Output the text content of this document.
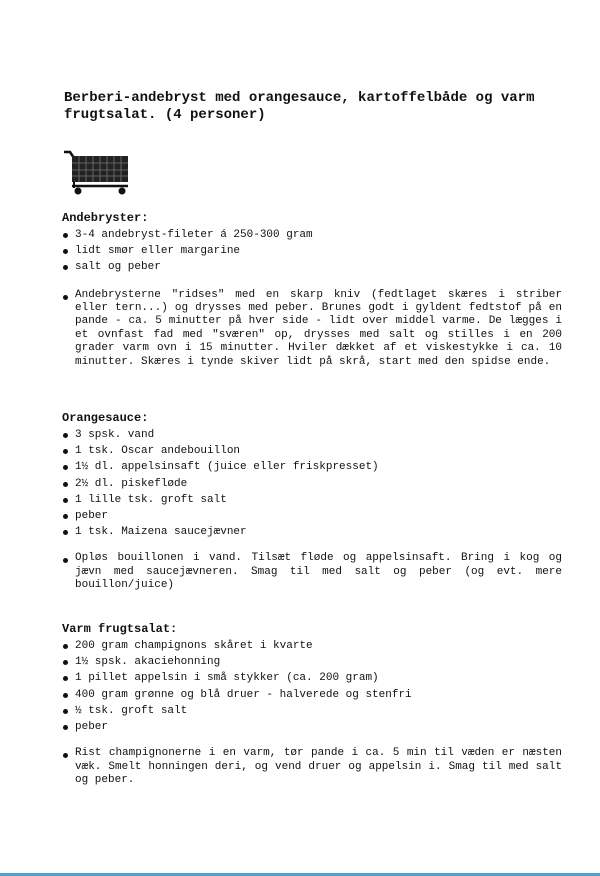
Berberi-andebryst med orangesauce, kartoffelbåde og varm frugtsalat. (4 personer)
Andebryster:
3-4 andebryst-fileter á 250-300 gram
lidt smør eller margarine
salt og peber

Andebrysterne "ridses" med en skarp kniv (fedtlaget skæres i striber eller tern...) og drysses med peber. Brunes godt i gyldent fedtstof på en pande - ca. 5 minutter på hver side - lidt over middel varme. De lægges i et ovnfast fad med "sværen" op, drysses med salt og stilles i en 200 grader varm ovn i 15 minutter. Hviler dækket af et viskestykke i ca. 10 minutter. Skæres i tynde skiver lidt på skrå, start med den spidse ende.

Orangesauce:
3 spsk. vand
1 tsk. Oscar andebouillon
1½ dl. appelsinsaft (juice eller friskpresset)
2½ dl. piskefløde
1 lille tsk. groft salt
peber
1 tsk. Maizena saucejævner

Opløs bouillonen i vand. Tilsæt fløde og appelsinsaft. Bring i kog og jævn med saucejævneren. Smag til med salt og peber (og evt. mere bouillon/juice)

Varm frugtsalat:
200 gram champignons skåret i kvarte
1½ spsk. akaciehonning
1 pillet appelsin i små stykker (ca. 200 gram)
400 gram grønne og blå druer - halverede og stenfri
½ tsk. groft salt
peber

Rist champignonerne i en varm, tør pande i ca. 5 min til væden er næsten væk. Smelt honningen deri, og vend druer og appelsin i. Smag til med salt og peber.
